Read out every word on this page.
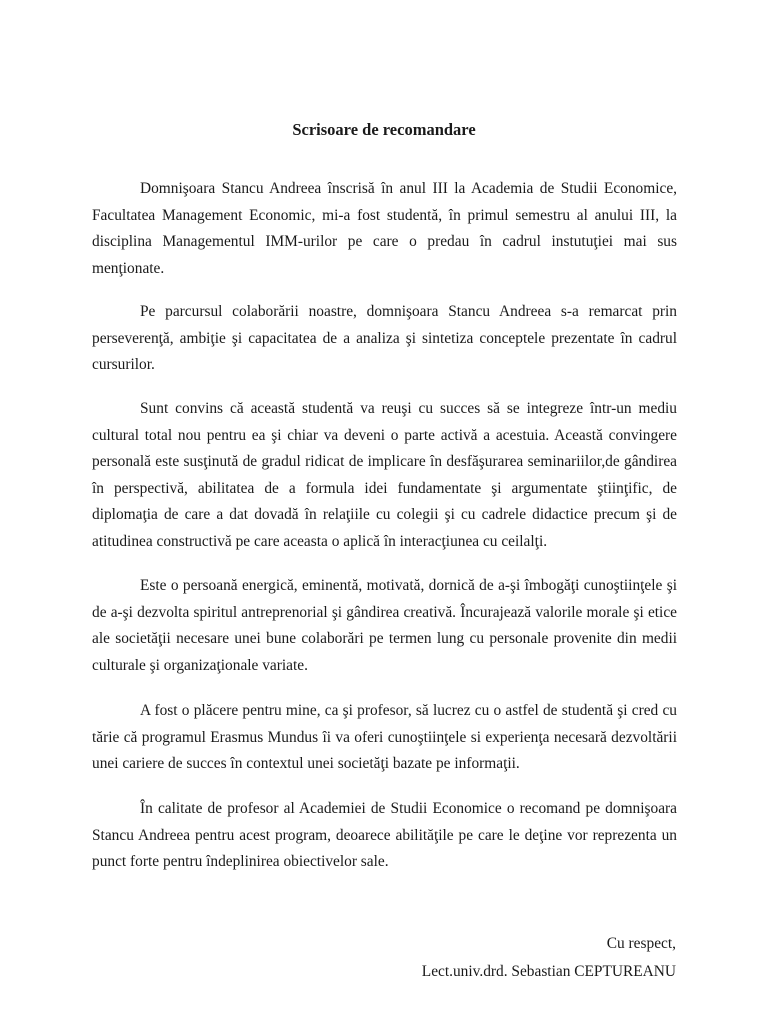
Scrisoare de recomandare

Domnişoara Stancu Andreea înscrisă în anul III la Academia de Studii Economice, Facultatea Management Economic, mi-a fost studentă, în primul semestru al anului III, la disciplina Managementul IMM-urilor pe care o predau în cadrul instutuţiei mai sus menţionate.

Pe parcursul colaborării noastre, domnişoara Stancu Andreea s-a remarcat prin perseverenţă, ambiţie şi capacitatea de a analiza şi sintetiza conceptele prezentate în cadrul cursurilor.

Sunt convins că această studentă va reuşi cu succes să se integreze într-un mediu cultural total nou pentru ea şi chiar va deveni o parte activă a acestuia. Această convingere personală este susţinută de gradul ridicat de implicare în desfăşurarea seminariilor,de gândirea în perspectivă, abilitatea de a formula idei fundamentate şi argumentate ştiinţific, de diplomaţia de care a dat dovadă în relaţiile cu colegii şi cu cadrele didactice precum şi de atitudinea constructivă pe care aceasta o aplică în interacţiunea cu ceilalţi.

Este o persoană energică, eminentă, motivată, dornică de a-şi îmbogăţi cunoştiinţele şi de a-şi dezvolta spiritul antreprenorial şi gândirea creativă. Încurajează valorile morale şi etice ale societăţii necesare unei bune colaborări pe termen lung cu personale provenite din medii culturale şi organizaţionale variate.

A fost o plăcere pentru mine, ca şi profesor, să lucrez cu o astfel de studentă şi cred cu tărie că programul Erasmus Mundus îi va oferi cunoştiinţele si experienţa necesară dezvoltării unei cariere de succes în contextul unei societăţi bazate pe informaţii.

În calitate de profesor al Academiei de Studii Economice o recomand pe domnişoara Stancu Andreea pentru acest program, deoarece abilităţile pe care le deţine vor reprezenta un punct forte pentru îndeplinirea obiectivelor sale.

Cu respect,
Lect.univ.drd. Sebastian CEPTUREANU
